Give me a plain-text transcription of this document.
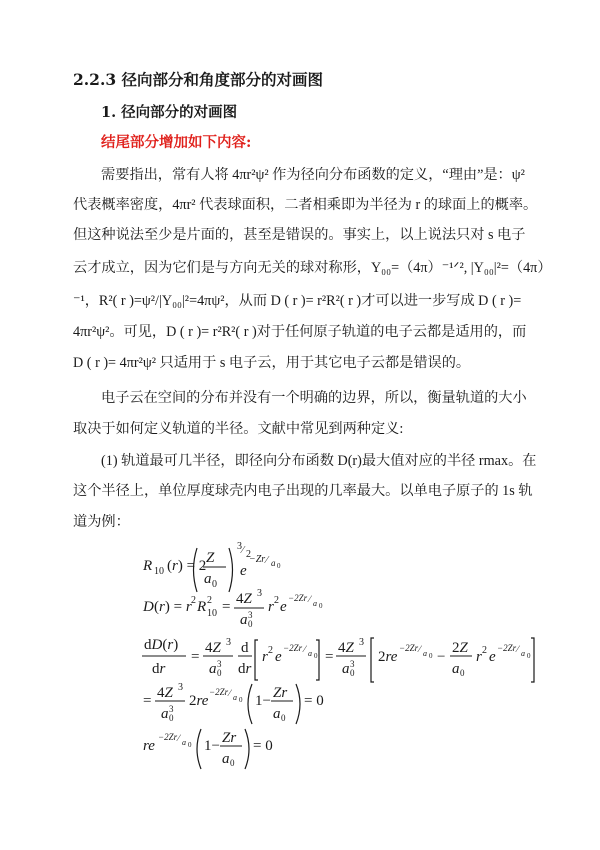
2.2.3 径向部分和角度部分的对画图
1. 径向部分的对画图
结尾部分增加如下内容:
需要指出，常有人将 4πr²ψ² 作为径向分布函数的定义，“理由”是：ψ²
代表概率密度，4πr² 代表球面积，二者相乘即为半径为 r 的球面上的概率。
但这种说法至少是片面的，甚至是错误的。事实上，以上说法只对 s 电子
云才成立，因为它们是与方向无关的球对称形，Y₀₀=（4π）⁻¹ᐟ², |Y₀₀|²=（4π）
⁻¹，R²( r )=ψ²/|Y₀₀|²=4πψ²，从而 D ( r )= r²R²( r )才可以进一步写成 D ( r )=
4πr²ψ²。可见，D ( r )= r²R²( r )对于任何原子轨道的电子云都是适用的，而
D ( r )= 4πr²ψ² 只适用于 s 电子云，用于其它电子云都是错误的。
电子云在空间的分布并没有一个明确的边界，所以，衡量轨道的大小
取决于如何定义轨道的半径。文献中常见到两种定义:
(1) 轨道最可几半径，即径向分布函数 D(r)最大值对应的半径 rmax。在
这个半径上，单位厚度球壳内电子出现的几率最大。以单电子原子的 1s 轨
道为例：
R 10 (r) = 2 Z
a 0
3 ⁄ 2
e
−Zr ⁄ a 0
D (r) = r 2 R 2
10 = 4Z 3
a 0
3 r 2 e
−2Zr ⁄ a 0
dD(r)
dr
=
4Z 3
a 0
3
d
dr
r 2 e
−2Zr ⁄ a 0 =
4Z 3
a 0
3 2re
−2Zr ⁄ a 0 −
2Z
a 0
r 2 e
−2Zr ⁄ a 0
= 4Z 3
a 0
3 2re
−2Zr ⁄ a 0 1− Zr
a 0
= 0
re
−2Zr ⁄ a 0 1− Zr
a 0
= 0
